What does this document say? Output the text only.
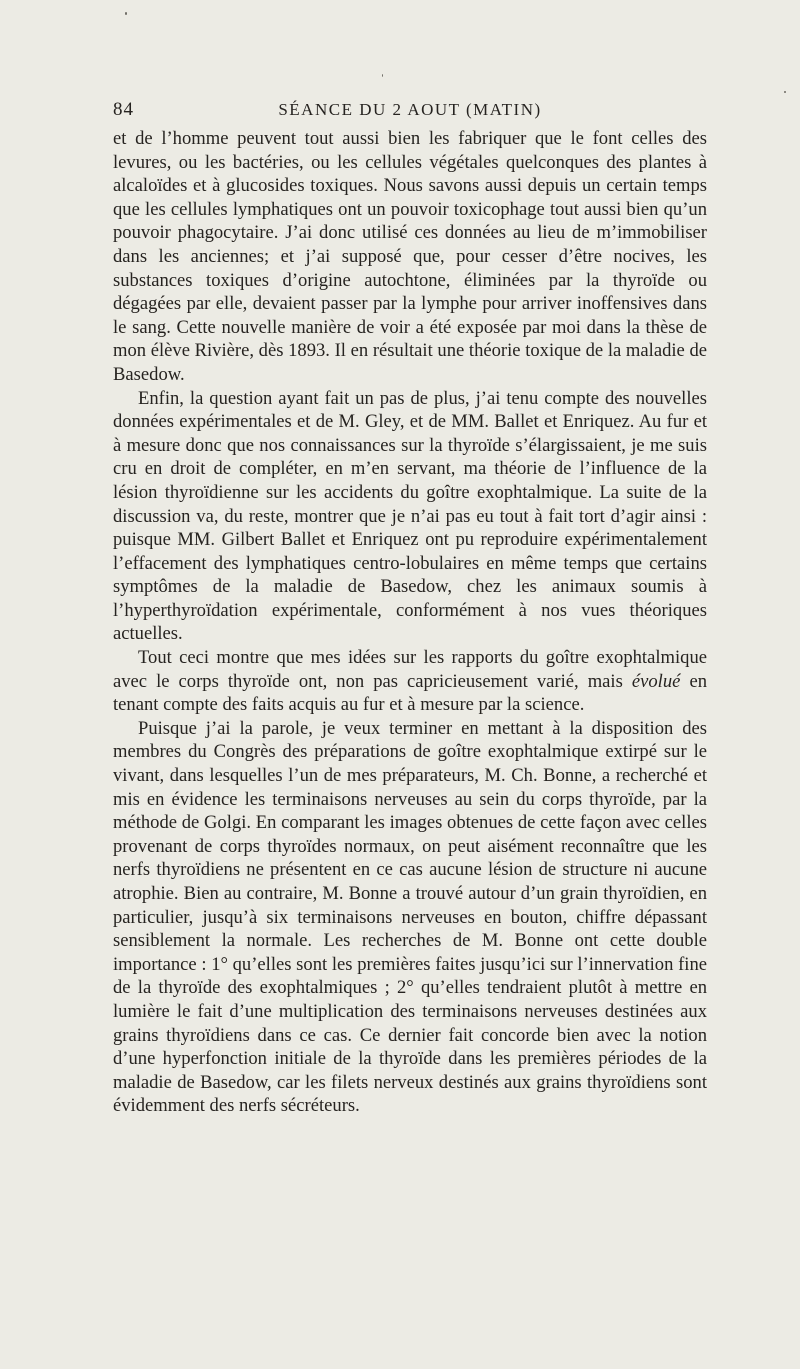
84	SÉANCE DU 2 AOUT (MATIN)

et de l’homme peuvent tout aussi bien les fabriquer que le font celles des levures, ou les bactéries, ou les cellules végétales quelconques des plantes à alcaloïdes et à glucosides toxiques. Nous savons aussi depuis un certain temps que les cellules lymphatiques ont un pouvoir toxicophage tout aussi bien qu’un pouvoir phagocytaire. J’ai donc utilisé ces données au lieu de m’immobiliser dans les anciennes; et j’ai supposé que, pour cesser d’être nocives, les substances toxiques d’origine autochtone, éliminées par la thyroïde ou dégagées par elle, devaient passer par la lymphe pour arriver inoffensives dans le sang. Cette nouvelle manière de voir a été exposée par moi dans la thèse de mon élève Rivière, dès 1893. Il en résultait une théorie toxique de la maladie de Basedow.

Enfin, la question ayant fait un pas de plus, j’ai tenu compte des nouvelles données expérimentales et de M. Gley, et de MM. Ballet et Enriquez. Au fur et à mesure donc que nos connaissances sur la thyroïde s’élargissaient, je me suis cru en droit de compléter, en m’en servant, ma théorie de l’influence de la lésion thyroïdienne sur les accidents du goître exophtalmique. La suite de la discussion va, du reste, montrer que je n’ai pas eu tout à fait tort d’agir ainsi : puisque MM. Gilbert Ballet et Enriquez ont pu reproduire expérimentalement l’effacement des lymphatiques centro-lobulaires en même temps que certains symptômes de la maladie de Basedow, chez les animaux soumis à l’hyperthyroïdation expérimentale, conformément à nos vues théoriques actuelles.

Tout ceci montre que mes idées sur les rapports du goître exophtalmique avec le corps thyroïde ont, non pas capricieusement varié, mais évolué en tenant compte des faits acquis au fur et à mesure par la science.

Puisque j’ai la parole, je veux terminer en mettant à la disposition des membres du Congrès des préparations de goître exophtalmique extirpé sur le vivant, dans lesquelles l’un de mes préparateurs, M. Ch. Bonne, a recherché et mis en évidence les terminaisons nerveuses au sein du corps thyroïde, par la méthode de Golgi. En comparant les images obtenues de cette façon avec celles provenant de corps thyroïdes normaux, on peut aisément reconnaître que les nerfs thyroïdiens ne présentent en ce cas aucune lésion de structure ni aucune atrophie. Bien au contraire, M. Bonne a trouvé autour d’un grain thyroïdien, en particulier, jusqu’à six terminaisons nerveuses en bouton, chiffre dépassant sensiblement la normale. Les recherches de M. Bonne ont cette double importance : 1° qu’elles sont les premières faites jusqu’ici sur l’innervation fine de la thyroïde des exophtalmiques ; 2° qu’elles tendraient plutôt à mettre en lumière le fait d’une multiplication des terminaisons nerveuses destinées aux grains thyroïdiens dans ce cas. Ce dernier fait concorde bien avec la notion d’une hyperfonction initiale de la thyroïde dans les premières périodes de la maladie de Basedow, car les filets nerveux destinés aux grains thyroïdiens sont évidemment des nerfs sécréteurs.
